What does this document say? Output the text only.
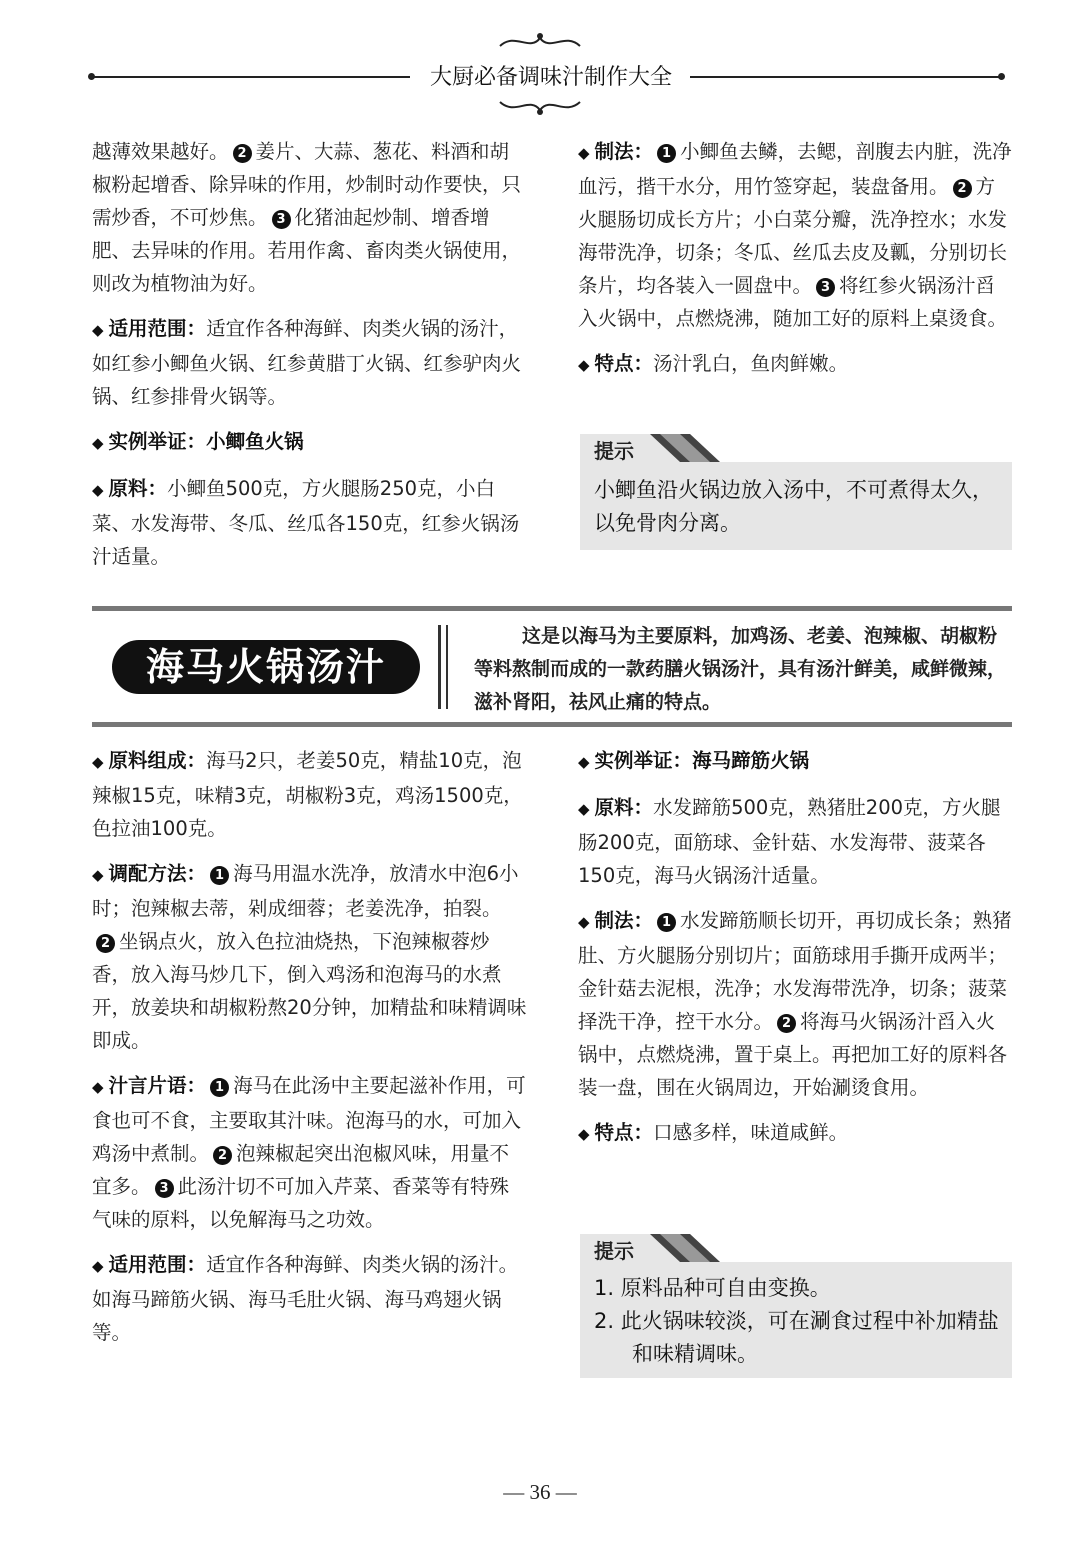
大厨必备调味汁制作大全

越薄效果越好。 2 姜片、大蒜、葱花、料酒和胡椒粉起增香、除异味的作用，炒制时动作要快，只需炒香，不可炒焦。 3 化猪油起炒制、增香增肥、去异味的作用。若用作禽、畜肉类火锅使用，则改为植物油为好。

◆ 适用范围：适宜作各种海鲜、肉类火锅的汤汁，如红参小鲫鱼火锅、红参黄腊丁火锅、红参驴肉火锅、红参排骨火锅等。

◆ 实例举证：小鲫鱼火锅

◆ 原料：小鲫鱼500克，方火腿肠250克，小白菜、水发海带、冬瓜、丝瓜各150克，红参火锅汤汁适量。

◆ 制法： 1 小鲫鱼去鳞，去鳃，剖腹去内脏，洗净血污，揩干水分，用竹签穿起，装盘备用。 2 方火腿肠切成长方片；小白菜分瓣，洗净控水；水发海带洗净，切条；冬瓜、丝瓜去皮及瓤，分别切长条片，均各装入一圆盘中。 3 将红参火锅汤汁舀入火锅中，点燃烧沸，随加工好的原料上桌烫食。

◆ 特点：汤汁乳白，鱼肉鲜嫩。

提示
小鲫鱼沿火锅边放入汤中，不可煮得太久，以免骨肉分离。
海马火锅汤汁
这是以海马为主要原料，加鸡汤、老姜、泡辣椒、胡椒粉等料熬制而成的一款药膳火锅汤汁，具有汤汁鲜美，咸鲜微辣，滋补肾阳，祛风止痛的特点。

◆ 原料组成：海马2只，老姜50克，精盐10克，泡辣椒15克，味精3克，胡椒粉3克，鸡汤1500克，色拉油100克。

◆ 调配方法： 1 海马用温水洗净，放清水中泡6小时；泡辣椒去蒂，剁成细蓉；老姜洗净，拍裂。2 坐锅点火，放入色拉油烧热，下泡辣椒蓉炒香，放入海马炒几下，倒入鸡汤和泡海马的水煮开，放姜块和胡椒粉熬20分钟，加精盐和味精调味即成。

◆ 汁言片语： 1 海马在此汤中主要起滋补作用，可食也可不食，主要取其汁味。泡海马的水，可加入鸡汤中煮制。 2 泡辣椒起突出泡椒风味，用量不宜多。 3 此汤汁切不可加入芹菜、香菜等有特殊气味的原料，以免解海马之功效。

◆ 适用范围：适宜作各种海鲜、肉类火锅的汤汁。如海马蹄筋火锅、海马毛肚火锅、海马鸡翅火锅等。

◆ 实例举证：海马蹄筋火锅

◆ 原料：水发蹄筋500克，熟猪肚200克，方火腿肠200克，面筋球、金针菇、水发海带、菠菜各150克，海马火锅汤汁适量。

◆ 制法： 1 水发蹄筋顺长切开，再切成长条；熟猪肚、方火腿肠分别切片；面筋球用手撕开成两半；金针菇去泥根，洗净；水发海带洗净，切条；菠菜择洗干净，控干水分。 2 将海马火锅汤汁舀入火锅中，点燃烧沸，置于桌上。再把加工好的原料各装一盘，围在火锅周边，开始涮烫食用。

◆ 特点：口感多样，味道咸鲜。

提示
1. 原料品种可自由变换。
2. 此火锅味较淡，可在涮食过程中补加精盐和味精调味。
— 36 —
